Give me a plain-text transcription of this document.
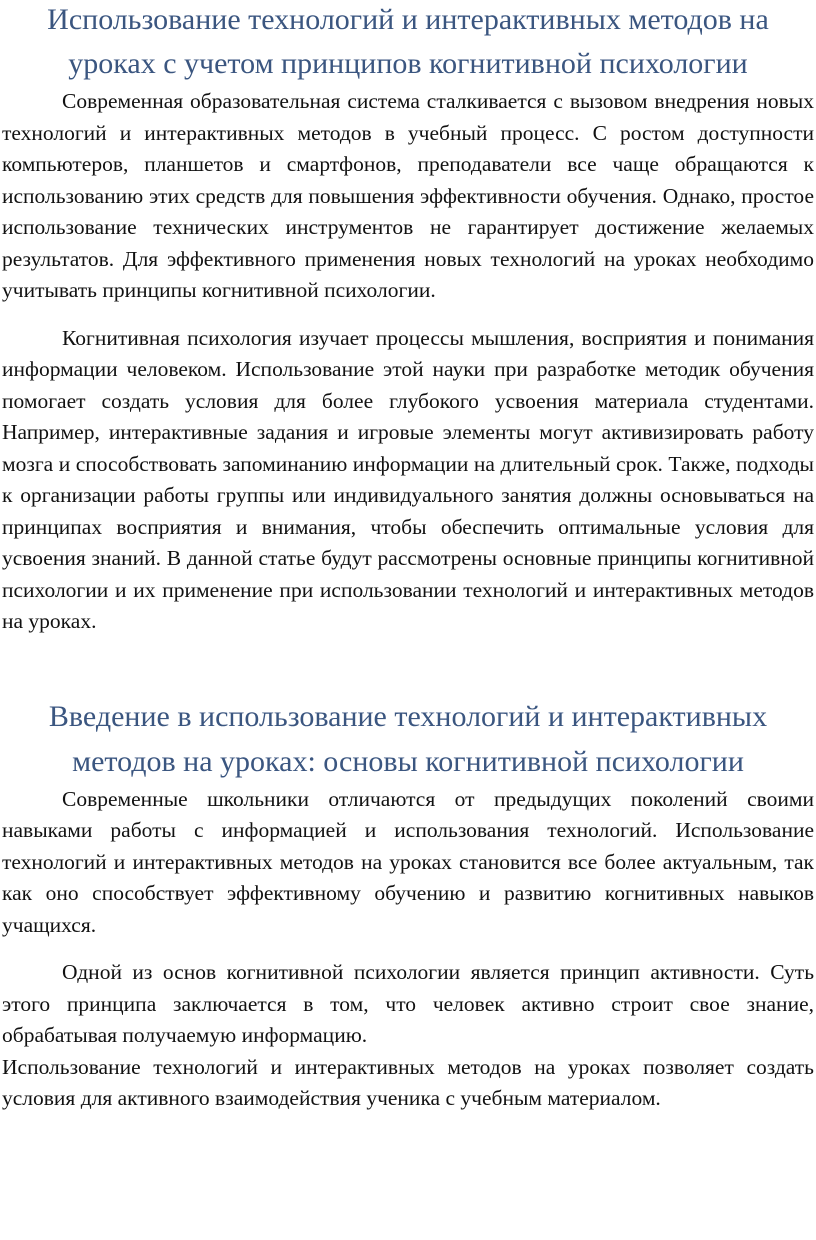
Использование технологий и интерактивных методов на уроках с учетом принципов когнитивной психологии

Современная образовательная система сталкивается с вызовом внедрения новых технологий и интерактивных методов в учебный процесс. С ростом доступности компьютеров, планшетов и смартфонов, преподаватели все чаще обращаются к использованию этих средств для повышения эффективности обучения. Однако, простое использование технических инструментов не гарантирует достижение желаемых результатов. Для эффективного применения новых технологий на уроках необходимо учитывать принципы когнитивной психологии.

Когнитивная психология изучает процессы мышления, восприятия и понимания информации человеком. Использование этой науки при разработке методик обучения помогает создать условия для более глубокого усвоения материала студентами. Например, интерактивные задания и игровые элементы могут активизировать работу мозга и способствовать запоминанию информации на длительный срок. Также, подходы к организации работы группы или индивидуального занятия должны основываться на принципах восприятия и внимания, чтобы обеспечить оптимальные условия для усвоения знаний. В данной статье будут рассмотрены основные принципы когнитивной психологии и их применение при использовании технологий и интерактивных методов на уроках.

Введение в использование технологий и интерактивных методов на уроках: основы когнитивной психологии

Современные школьники отличаются от предыдущих поколений своими навыками работы с информацией и использования технологий. Использование технологий и интерактивных методов на уроках становится все более актуальным, так как оно способствует эффективному обучению и развитию когнитивных навыков учащихся.

Одной из основ когнитивной психологии является принцип активности. Суть этого принципа заключается в том, что человек активно строит свое знание, обрабатывая получаемую информацию.

Использование технологий и интерактивных методов на уроках позволяет создать условия для активного взаимодействия ученика с учебным материалом.
